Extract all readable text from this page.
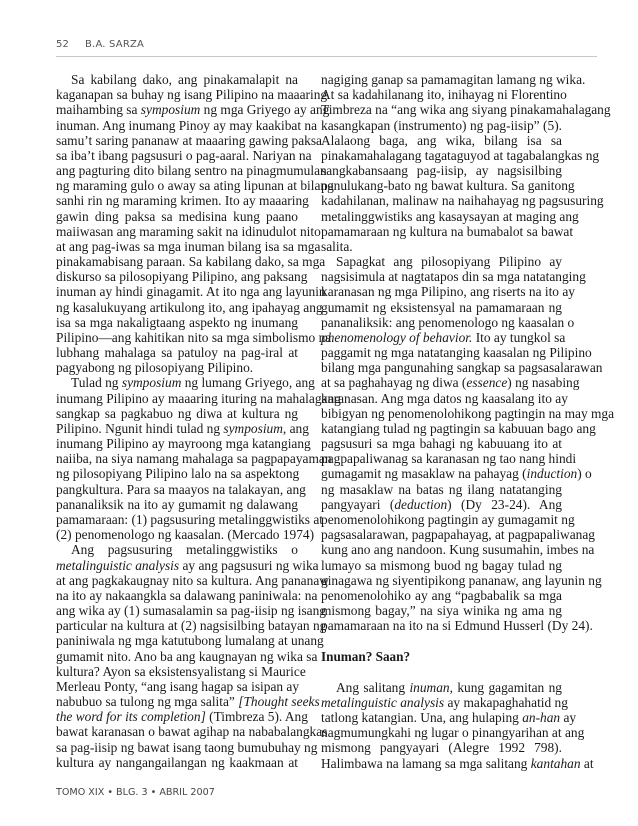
52 B.A. SARZA
Sa kabilang dako, ang pinakamalapit na
kaganapan sa buhay ng isang Pilipino na maaaring
maihambing sa symposium ng mga Griyego ay ang
inuman. Ang inumang Pinoy ay may kaakibat na
samu’t saring pananaw at maaaring gawing paksa
sa iba’t ibang pagsusuri o pag-aaral. Nariyan na
ang pagturing dito bilang sentro na pinagmumulan
ng maraming gulo o away sa ating lipunan at bilang
sanhi rin ng maraming krimen. Ito ay maaaring
gawin ding paksa sa medisina kung paano
maiiwasan ang maraming sakit na idinudulot nito
at ang pag-iwas sa mga inuman bilang isa sa mga
pinakamabisang paraan. Sa kabilang dako, sa mga
diskurso sa pilosopiyang Pilipino, ang paksang
inuman ay hindi ginagamit. At ito nga ang layunin
ng kasalukuyang artikulong ito, ang ipahayag ang
isa sa mga nakaligtaang aspekto ng inumang
Pilipino—ang kahitikan nito sa mga simbolismo na
lubhang mahalaga sa patuloy na pag-iral at
pagyabong ng pilosopiyang Pilipino.
Tulad ng symposium ng lumang Griyego, ang
inumang Pilipino ay maaaring ituring na mahalagang
sangkap sa pagkabuo ng diwa at kultura ng
Pilipino. Ngunit hindi tulad ng symposium, ang
inumang Pilipino ay mayroong mga katangiang
naiiba, na siya namang mahalaga sa pagpapayaman
ng pilosopiyang Pilipino lalo na sa aspektong
pangkultura. Para sa maayos na talakayan, ang
pananaliksik na ito ay gumamit ng dalawang
pamamaraan: (1) pagsusuring metalinggwistiks at
(2) penomenologo ng kaasalan. (Mercado 1974)
Ang pagsusuring metalinggwistiks o
metalinguistic analysis ay ang pagsusuri ng wika
at ang pagkakaugnay nito sa kultura. Ang pananaw
na ito ay nakaangkla sa dalawang paniniwala: na
ang wika ay (1) sumasalamin sa pag-iisip ng isang
particular na kultura at (2) nagsisilbing batayan ng
paniniwala ng mga katutubong lumalang at unang
gumamit nito. Ano ba ang kaugnayan ng wika sa
kultura? Ayon sa eksistensyalistang si Maurice
Merleau Ponty, “ang isang hagap sa isipan ay
nabubuo sa tulong ng mga salita” [Thought seeks
the word for its completion] (Timbreza 5). Ang
bawat karanasan o bawat agihap na nababalangkas
sa pag-iisip ng bawat isang taong bumubuhay ng
kultura ay nangangailangan ng kaakmaan at
nagiging ganap sa pamamagitan lamang ng wika.
At sa kadahilanang ito, inihayag ni Florentino
Timbreza na “ang wika ang siyang pinakamahalagang
kasangkapan (instrumento) ng pag-iisip” (5).
Alalaong baga, ang wika, bilang isa sa
pinakamahalagang tagataguyod at tagabalangkas ng
sangkabansaang pag-iisip, ay nagsisilbing
panulukang-bato ng bawat kultura. Sa ganitong
kadahilanan, malinaw na naihahayag ng pagsusuring
metalinggwistiks ang kasaysayan at maging ang
pamamaraan ng kultura na bumabalot sa bawat
salita.
Sapagkat ang pilosopiyang Pilipino ay
nagsisimula at nagtatapos din sa mga natatanging
karanasan ng mga Pilipino, ang riserts na ito ay
gumamit ng eksistensyal na pamamaraan ng
pananaliksik: ang penomenologo ng kaasalan o
phenomenology of behavior. Ito ay tungkol sa
paggamit ng mga natatanging kaasalan ng Pilipino
bilang mga pangunahing sangkap sa pagsasalarawan
at sa paghahayag ng diwa (essence) ng nasabing
karanasan. Ang mga datos ng kaasalang ito ay
bibigyan ng penomenolohikong pagtingin na may mga
katangiang tulad ng pagtingin sa kabuuan bago ang
pagsusuri sa mga bahagi ng kabuuang ito at
pagpapaliwanag sa karanasan ng tao nang hindi
gumagamit ng masaklaw na pahayag (induction) o
ng masaklaw na batas ng ilang natatanging
pangyayari (deduction) (Dy 23-24). Ang
penomenolohikong pagtingin ay gumagamit ng
pagsasalarawan, pagpapahayag, at pagpapaliwanag
kung ano ang nandoon. Kung susumahin, imbes na
lumayo sa mismong buod ng bagay tulad ng
ginagawa ng siyentipikong pananaw, ang layunin ng
penomenolohiko ay ang “pagbabalik sa mga
mismong bagay,” na siya winika ng ama ng
pamamaraan na ito na si Edmund Husserl (Dy 24).
Inuman? Saan?
Ang salitang inuman, kung gagamitan ng
metalinguistic analysis ay makapaghahatid ng
tatlong katangian. Una, ang hulaping an-han ay
nagmumungkahi ng lugar o pinangyarihan at ang
mismong pangyayari (Alegre 1992 798).
Halimbawa na lamang sa mga salitang kantahan at
TOMO XIX • BLG. 3 • ABRIL 2007
